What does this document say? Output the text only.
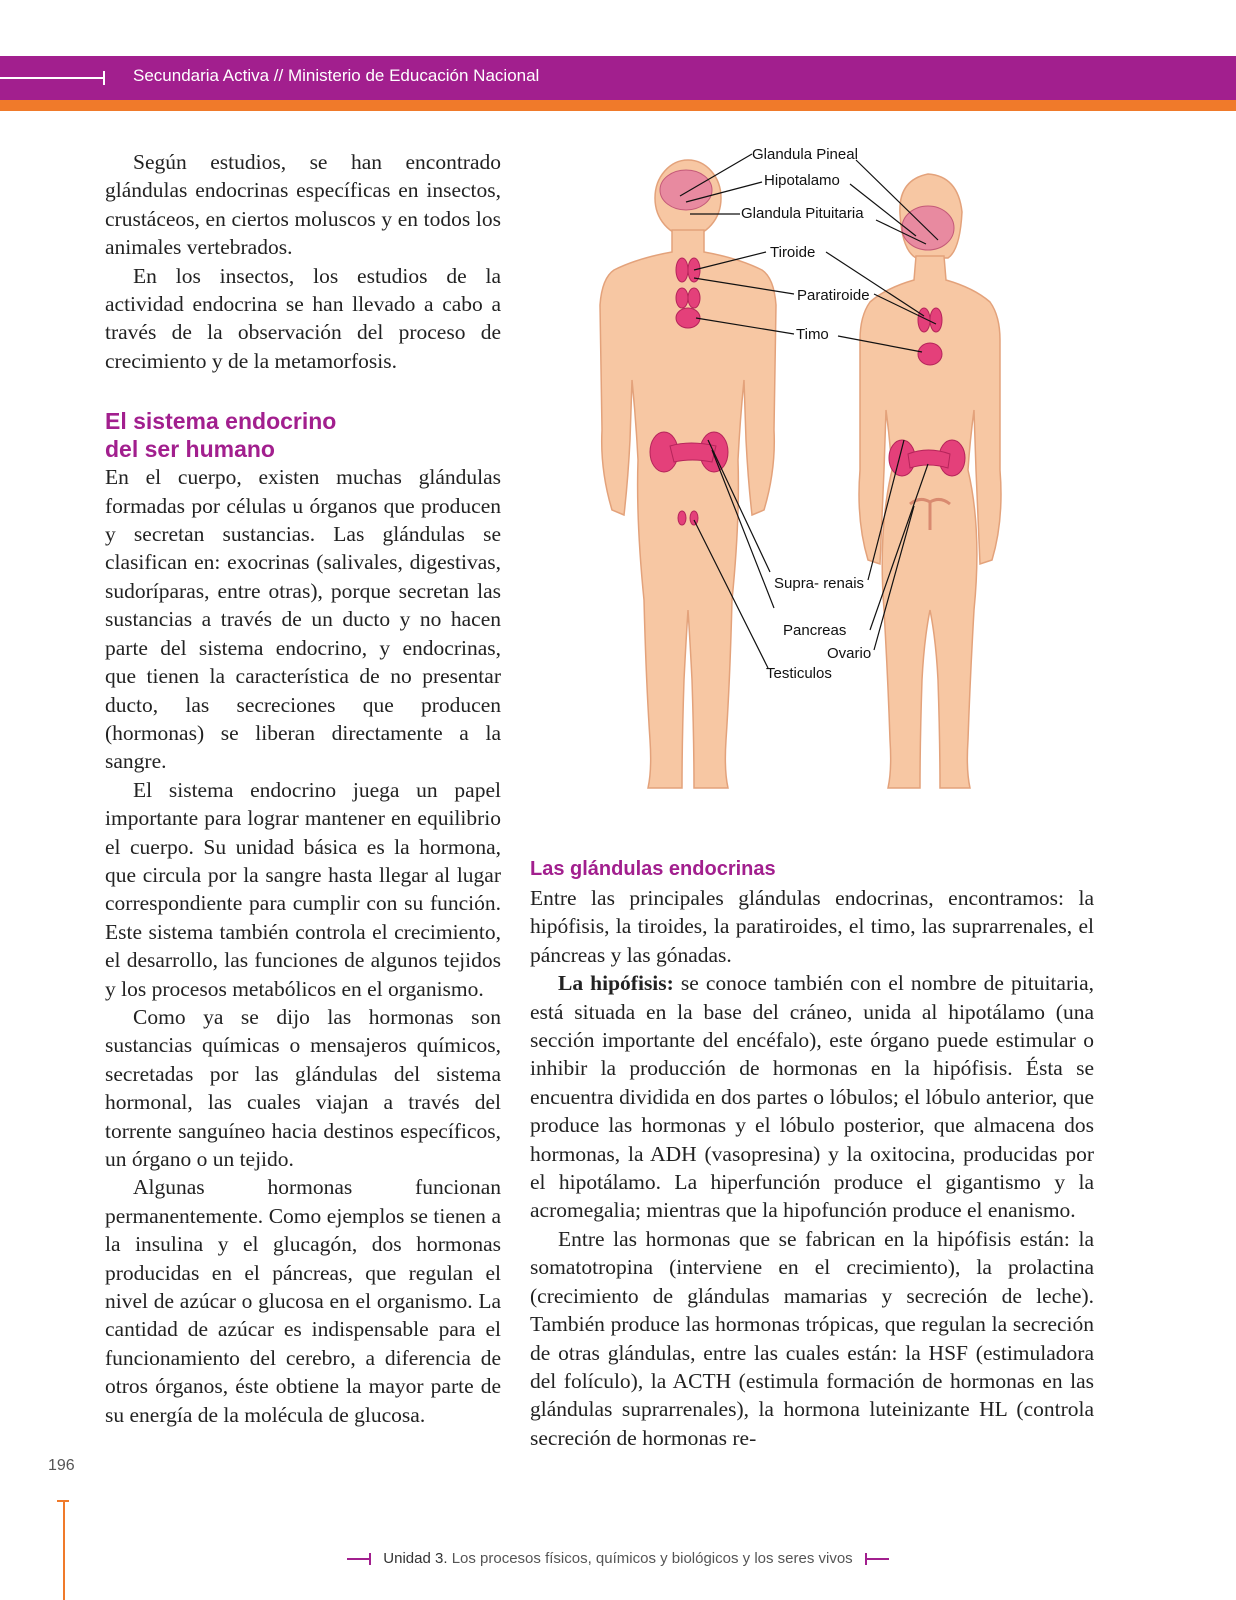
Secundaria Activa // Ministerio de Educación Nacional

Según estudios, se han encontrado glándulas endocrinas específicas en insectos, crustáceos, en ciertos moluscos y en todos los animales vertebrados.

En los insectos, los estudios de la actividad endocrina se han llevado a cabo a través de la observación del proceso de crecimiento y de la metamorfosis.

El sistema endocrino
del ser humano

En el cuerpo, existen muchas glándulas formadas por células u órganos que producen y secretan sustancias. Las glándulas se clasifican en: exocrinas (salivales, digestivas, sudoríparas, entre otras), porque secretan las sustancias a través de un ducto y no hacen parte del sistema endocrino, y endocrinas, que tienen la característica de no presentar ducto, las secreciones que producen (hormonas) se liberan directamente a la sangre.

El sistema endocrino juega un papel importante para lograr mantener en equilibrio el cuerpo. Su unidad básica es la hormona, que circula por la sangre hasta llegar al lugar correspondiente para cumplir con su función. Este sistema también controla el crecimiento, el desarrollo, las funciones de algunos tejidos y los procesos metabólicos en el organismo.

Como ya se dijo las hormonas son sustancias químicas o mensajeros químicos, secretadas por las glándulas del sistema hormonal, las cuales viajan a través del torrente sanguíneo hacia destinos específicos, un órgano o un tejido.

Algunas hormonas funcionan permanentemente. Como ejemplos se tienen a la insulina y el glucagón, dos hormonas producidas en el páncreas, que regulan el nivel de azúcar o glucosa en el organismo. La cantidad de azúcar es indispensable para el funcionamiento del cerebro, a diferencia de otros órganos, éste obtiene la mayor parte de su energía de la molécula de glucosa.

Glandula Pineal
Hipotalamo
Glandula Pituitaria
Tiroide
Paratiroide
Timo
Supra- renais
Pancreas
Ovario
Testiculos
Las glándulas endocrinas

Entre las principales glándulas endocrinas, encontramos: la hipófisis, la tiroides, la paratiroides, el timo, las suprarrenales, el páncreas y las gónadas.

La hipófisis: se conoce también con el nombre de pituitaria, está situada en la base del cráneo, unida al hipotálamo (una sección importante del encéfalo), este órgano puede estimular o inhibir la producción de hormonas en la hipófisis. Ésta se encuentra dividida en dos partes o lóbulos; el lóbulo anterior, que produce las hormonas y el lóbulo posterior, que almacena dos hormonas, la ADH (vasopresina) y la oxitocina, producidas por el hipotálamo. La hiperfunción produce el gigantismo y la acromegalia; mientras que la hipofunción produce el enanismo.

Entre las hormonas que se fabrican en la hipófisis están: la somatotropina (interviene en el crecimiento), la prolactina (crecimiento de glándulas mamarias y secreción de leche). También produce las hormonas trópicas, que regulan la secreción de otras glándulas, entre las cuales están: la HSF (estimuladora del folículo), la ACTH (estimula formación de hormonas en las glándulas suprarrenales), la hormona luteinizante HL (controla secreción de hormonas re-

196
Unidad 3. Los procesos físicos, químicos y biológicos y los seres vivos
